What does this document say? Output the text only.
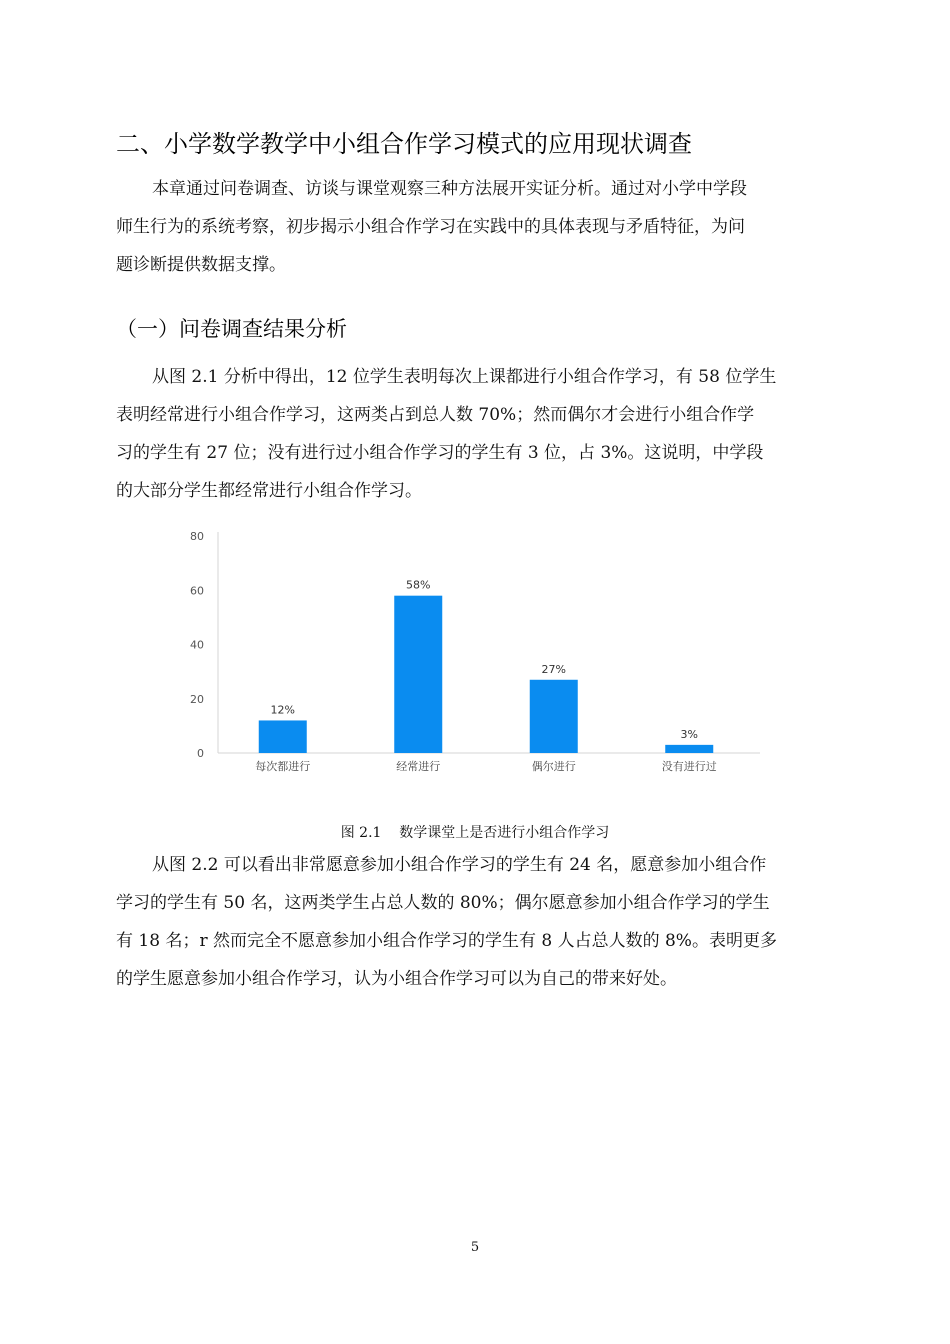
二、小学数学教学中小组合作学习模式的应用现状调查

本章通过问卷调查、访谈与课堂观察三种方法展开实证分析。通过对小学中学段
师生行为的系统考察，初步揭示小组合作学习在实践中的具体表现与矛盾特征，为问
题诊断提供数据支撑。

（一）问卷调查结果分析

从图 2.1 分析中得出，12 位学生表明每次上课都进行小组合作学习，有 58 位学生
表明经常进行小组合作学习，这两类占到总人数 70%；然而偶尔才会进行小组合作学
习的学生有 27 位；没有进行过小组合作学习的学生有 3 位，占 3%。这说明，中学段
的大部分学生都经常进行小组合作学习。

0
20
40
60
80
12%
每次都进行
58%
经常进行
27%
偶尔进行
3%
没有进行过
图 2.1    数学课堂上是否进行小组合作学习

从图 2.2 可以看出非常愿意参加小组合作学习的学生有 24 名，愿意参加小组合作
学习的学生有 50 名，这两类学生占总人数的 80%；偶尔愿意参加小组合作学习的学生
有 18 名；r 然而完全不愿意参加小组合作学习的学生有 8 人占总人数的 8%。表明更多
的学生愿意参加小组合作学习，认为小组合作学习可以为自己的带来好处。

5
